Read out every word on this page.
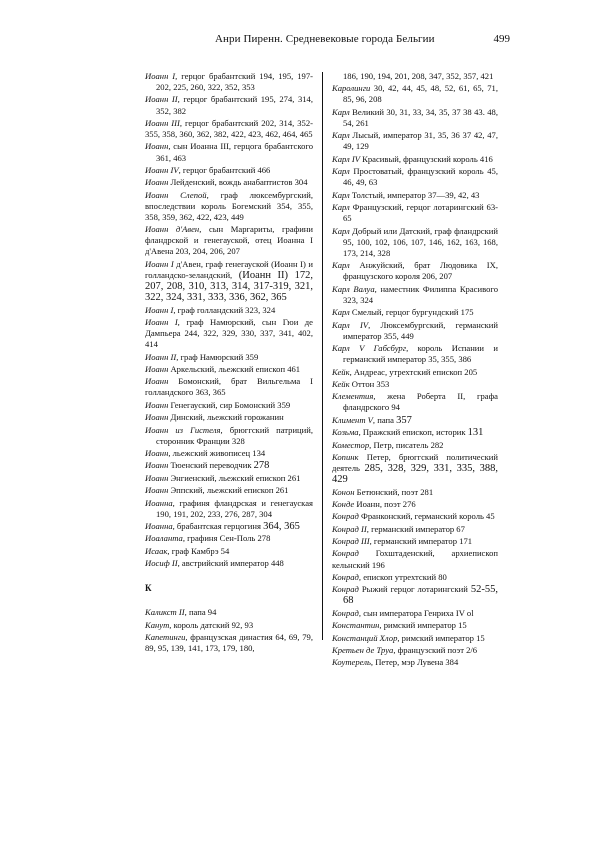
Анри Пиренн. Средневековые города Бельгии	499

Иоанн I, герцог брабантский 194, 195, 197-202, 225, 260, 322, 352, 353

Иоанн II, герцог брабантский 195, 274, 314, 352, 382

Иоанн III, герцог брабантский 202, 314, 352-355, 358, 360, 362, 382, 422, 423, 462, 464, 465

Иоанн, сын Иоанна III, герцога брабантского 361, 463

Иоанн IV, герцог брабантский 466

Иоанн Лейденский, вождь анабаптистов 304

Иоанн Слепой, граф люксембургский, впоследствии король Богемский 354, 355, 358, 359, 362, 422, 423, 449

Иоанн д'Авен, сын Маргариты, графини фландрской и генегауской, отец Иоанна I д'Авена 203, 204, 206, 207

Иоанн I д'Авен, граф генегауской (Иоанн I) и голландско-зеландский, (Иоанн II) 172, 207, 208, 310, 313, 314, 317-319, 321, 322, 324, 331, 333, 336, 362, 365

Иоанн I, граф голландский 323, 324

Иоанн I, граф Намюрский, сын Гюи де Дампьера 244, 322, 329, 330, 337, 341, 402, 414

Иоанн II, граф Намюрский 359

Иоанн Аркельский, льежский епископ 461

Иоанн Бомонский, брат Вильгельма I голландского 363, 365

Иоанн Генегауский, сир Бомонский 359

Иоанн Динский, льежский горожанин

Иоанн из Гистеля, брюггский патриций, сторонник Франции 328

Иоанн, льежский живописец 134

Иоанн Тюенский переводчик 278

Иоанн Энгиенский, льежский епископ 261

Иоанн Эппский, льежский епископ 261

Иоанна, графиня фландрская и генегауская 190, 191, 202, 233, 276, 287, 304

Иоанна, брабантская герцогиня 364, 365

Иоаланта, графиня Сен-Поль 278

Исаак, граф Камбрэ 54

Иосиф II, австрийский император 448

К

Каликст II, папа 94

Канут, король датский 92, 93

Капетинги, французская династия 64, 69, 79, 89, 95, 139, 141, 173, 179, 180,

186, 190, 194, 201, 208, 347, 352, 357, 421

Каролинги 30, 42, 44, 45, 48, 52, 61, 65, 71, 85, 96, 208

Карл Великий 30, 31, 33, 34, 35, 37 38 43. 48, 54, 261

Карл Лысый, император 31, 35, 36 37 42, 47, 49, 129

Карл IV Красивый, французский король 416

Карл Простоватый, французский король 45, 46, 49, 63

Карл Толстый, император 37—39, 42, 43

Карл Французский, герцог лотарингский 63-65

Карл Добрый или Датский, граф фландрский 95, 100, 102, 106, 107, 146, 162, 163, 168, 173, 214, 328

Карл Анжуйский, брат Людовика IX, французского короля 206, 207

Карл Валуа, наместник Филиппа Красивого 323, 324

Карл Смелый, герцог бургундский 175

Карл IV, Люксембургский, германский император 355, 449

Карл V Габсбург, король Испании и германский император 35, 355, 386

Кейк, Андреас, утрехтский епископ 205

Кейк Оттон 353

Клементия, жена Роберта II, графа фландрского 94

Климент V, папа 357

Козьма, Пражский епископ, историк 131

Коместор, Петр, писатель 282

Копинк Петер, брюггский политический деятель 285, 328, 329, 331, 335, 388, 429

Конон Бетюнский, поэт 281

Конде Иоанн, поэт 276

Конрад Франконский, германский король 45

Конрад II, германский император 67

Конрад III, германский император 171

Конрад Гохштаденский, архиепископ кельнский 196

Конрад, епископ утрехтский 80

Конрад Рыжий герцог лотарингский 52-55, 68

Конрад, сын императора Генриха IV ol

Константин, римский император 15

Констанций Хлор, римский император 15

Кретьен де Труа, французский поэт 2/6

Коутерель, Петер, мэр Лувена 384
